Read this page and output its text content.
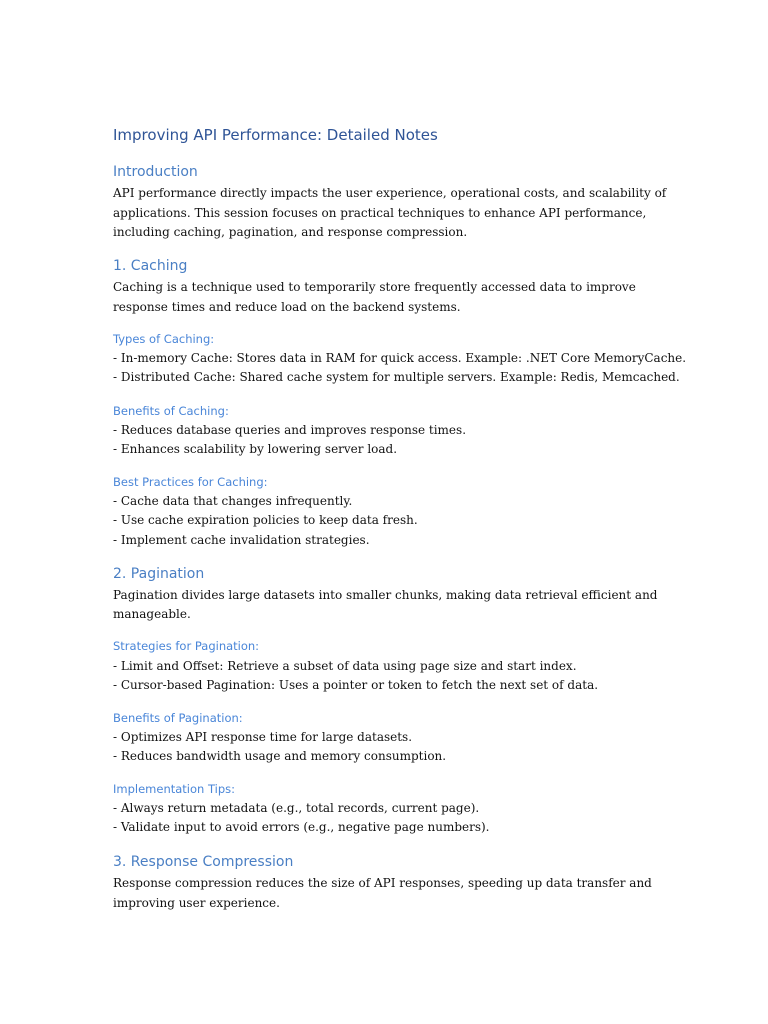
Improving API Performance: Detailed Notes
Introduction

API performance directly impacts the user experience, operational costs, and scalability of

applications. This session focuses on practical techniques to enhance API performance,

including caching, pagination, and response compression.

1. Caching

Caching is a technique used to temporarily store frequently accessed data to improve

response times and reduce load on the backend systems.

Types of Caching:

- In-memory Cache: Stores data in RAM for quick access. Example: .NET Core MemoryCache.

- Distributed Cache: Shared cache system for multiple servers. Example: Redis, Memcached.

Benefits of Caching:

- Reduces database queries and improves response times.

- Enhances scalability by lowering server load.

Best Practices for Caching:

- Cache data that changes infrequently.

- Use cache expiration policies to keep data fresh.

- Implement cache invalidation strategies.

2. Pagination

Pagination divides large datasets into smaller chunks, making data retrieval efficient and

manageable.

Strategies for Pagination:

- Limit and Offset: Retrieve a subset of data using page size and start index.

- Cursor-based Pagination: Uses a pointer or token to fetch the next set of data.

Benefits of Pagination:

- Optimizes API response time for large datasets.

- Reduces bandwidth usage and memory consumption.

Implementation Tips:

- Always return metadata (e.g., total records, current page).

- Validate input to avoid errors (e.g., negative page numbers).

3. Response Compression

Response compression reduces the size of API responses, speeding up data transfer and

improving user experience.
